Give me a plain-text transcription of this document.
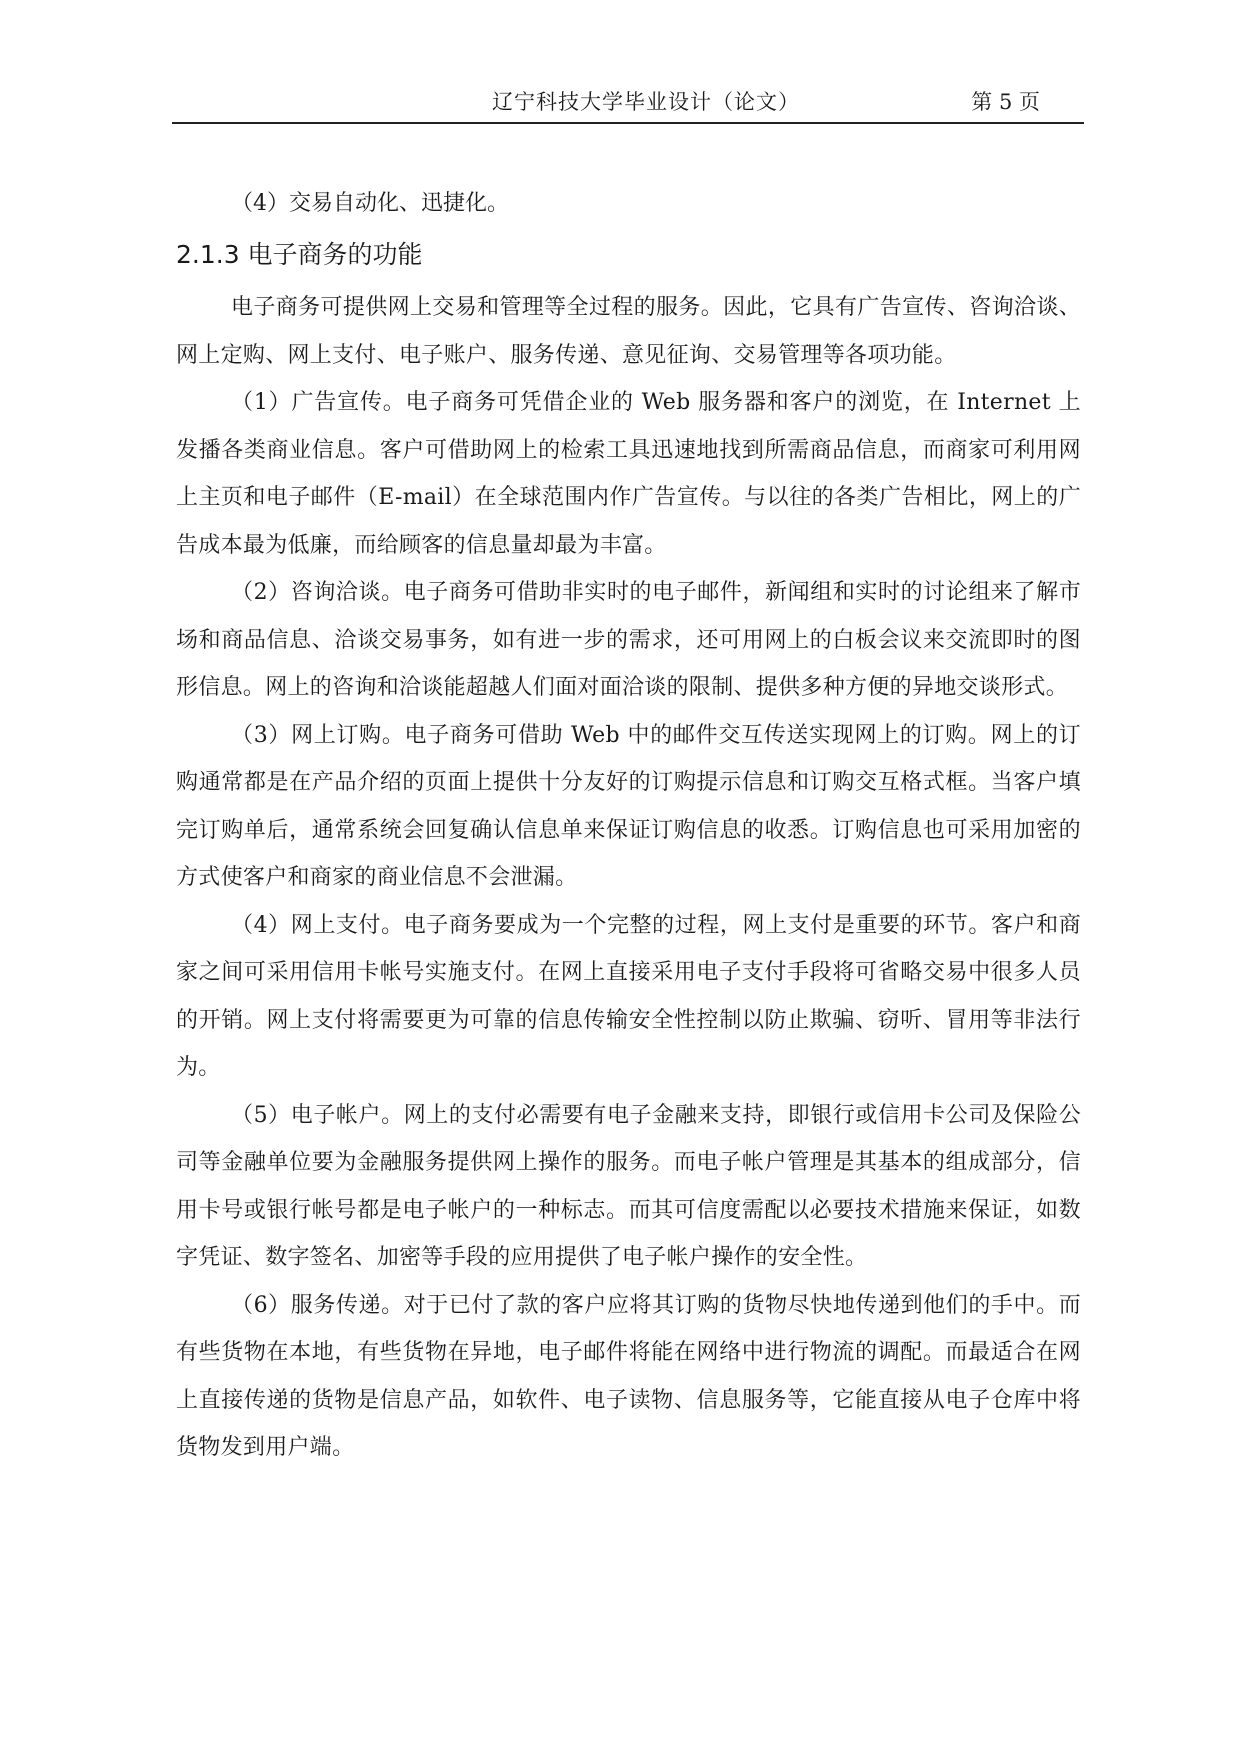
辽宁科技大学毕业设计（论文）	第 5 页

（4）交易自动化、迅捷化。

2.1.3 电子商务的功能

电子商务可提供网上交易和管理等全过程的服务。因此，它具有广告宣传、咨询洽谈、网上定购、网上支付、电子账户、服务传递、意见征询、交易管理等各项功能。

（1）广告宣传。电子商务可凭借企业的 Web 服务器和客户的浏览，在 Internet 上发播各类商业信息。客户可借助网上的检索工具迅速地找到所需商品信息，而商家可利用网上主页和电子邮件（E-mail）在全球范围内作广告宣传。与以往的各类广告相比，网上的广告成本最为低廉，而给顾客的信息量却最为丰富。

（2）咨询洽谈。电子商务可借助非实时的电子邮件，新闻组和实时的讨论组来了解市场和商品信息、洽谈交易事务，如有进一步的需求，还可用网上的白板会议来交流即时的图形信息。网上的咨询和洽谈能超越人们面对面洽谈的限制、提供多种方便的异地交谈形式。

（3）网上订购。电子商务可借助 Web 中的邮件交互传送实现网上的订购。网上的订购通常都是在产品介绍的页面上提供十分友好的订购提示信息和订购交互格式框。当客户填完订购单后，通常系统会回复确认信息单来保证订购信息的收悉。订购信息也可采用加密的方式使客户和商家的商业信息不会泄漏。

（4）网上支付。电子商务要成为一个完整的过程，网上支付是重要的环节。客户和商家之间可采用信用卡帐号实施支付。在网上直接采用电子支付手段将可省略交易中很多人员的开销。网上支付将需要更为可靠的信息传输安全性控制以防止欺骗、窃听、冒用等非法行为。

（5）电子帐户。网上的支付必需要有电子金融来支持，即银行或信用卡公司及保险公司等金融单位要为金融服务提供网上操作的服务。而电子帐户管理是其基本的组成部分，信用卡号或银行帐号都是电子帐户的一种标志。而其可信度需配以必要技术措施来保证，如数字凭证、数字签名、加密等手段的应用提供了电子帐户操作的安全性。

（6）服务传递。对于已付了款的客户应将其订购的货物尽快地传递到他们的手中。而有些货物在本地，有些货物在异地，电子邮件将能在网络中进行物流的调配。而最适合在网上直接传递的货物是信息产品，如软件、电子读物、信息服务等，它能直接从电子仓库中将货物发到用户端。
